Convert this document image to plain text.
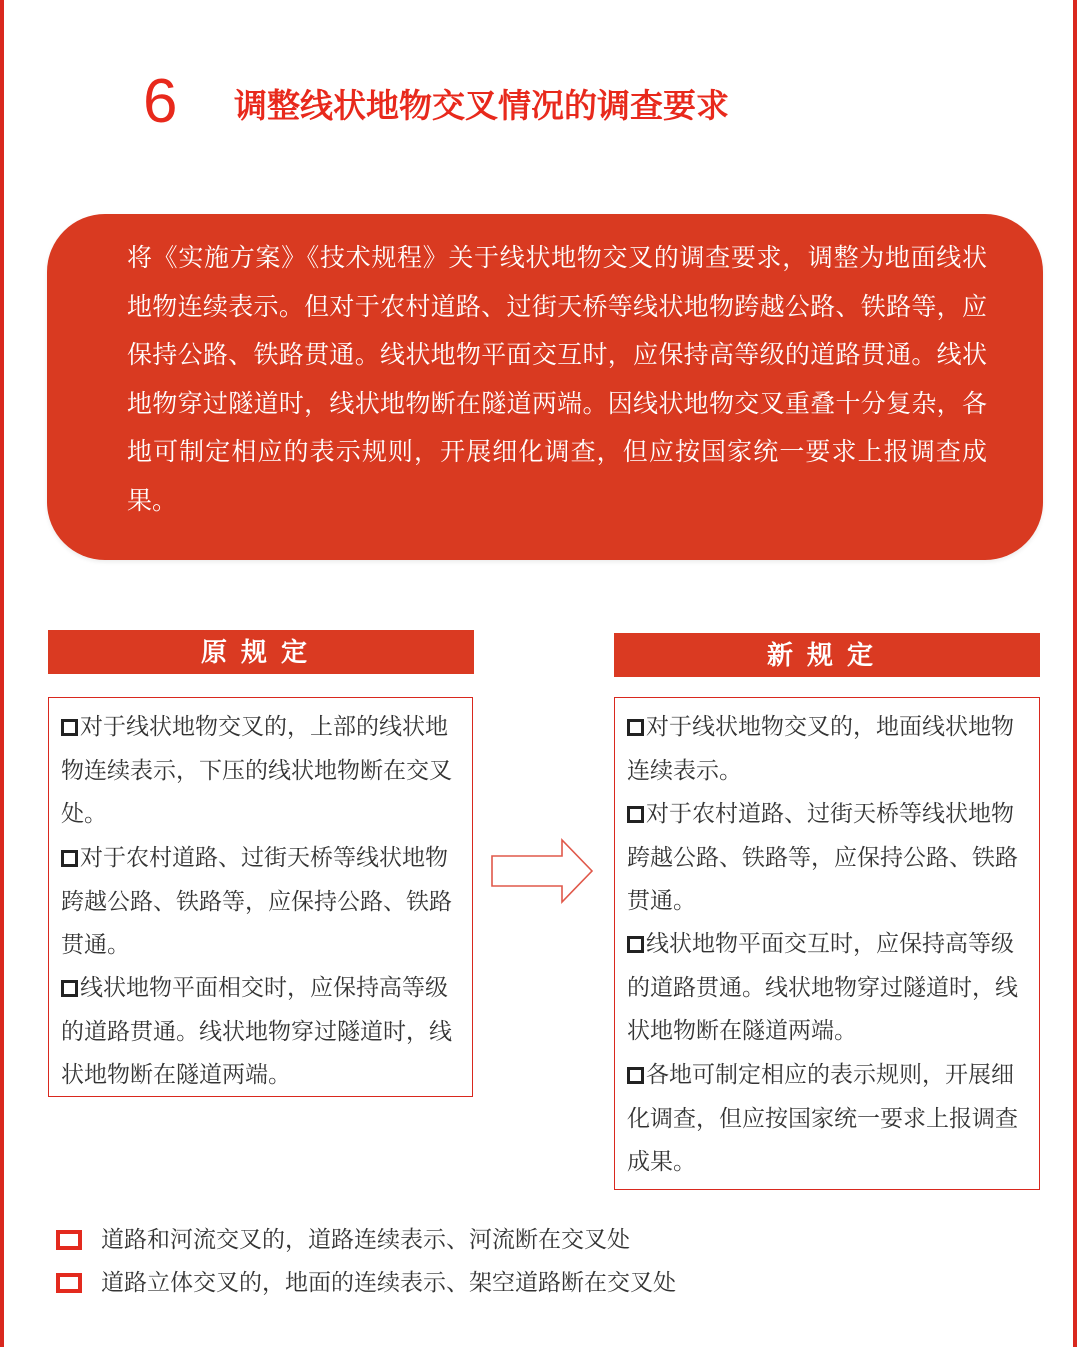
6 调整线状地物交叉情况的调查要求
将《实施方案》《技术规程》关于线状地物交叉的调查要求，调整为地面线状地物连续表示。但对于农村道路、过街天桥等线状地物跨越公路、铁路等，应保持公路、铁路贯通。线状地物平面交互时，应保持高等级的道路贯通。线状地物穿过隧道时，线状地物断在隧道两端。因线状地物交叉重叠十分复杂，各地可制定相应的表示规则，开展细化调查，但应按国家统一要求上报调查成果。
原规定
对于线状地物交叉的，上部的线状地物连续表示，下压的线状地物断在交叉处。
对于农村道路、过街天桥等线状地物跨越公路、铁路等，应保持公路、铁路贯通。
线状地物平面相交时，应保持高等级的道路贯通。线状地物穿过隧道时，线状地物断在隧道两端。
新规定
对于线状地物交叉的，地面线状地物连续表示。
对于农村道路、过街天桥等线状地物跨越公路、铁路等，应保持公路、铁路贯通。
线状地物平面交互时，应保持高等级的道路贯通。线状地物穿过隧道时，线状地物断在隧道两端。
各地可制定相应的表示规则，开展细化调查，但应按国家统一要求上报调查成果。
道路和河流交叉的，道路连续表示、河流断在交叉处
道路立体交叉的，地面的连续表示、架空道路断在交叉处
